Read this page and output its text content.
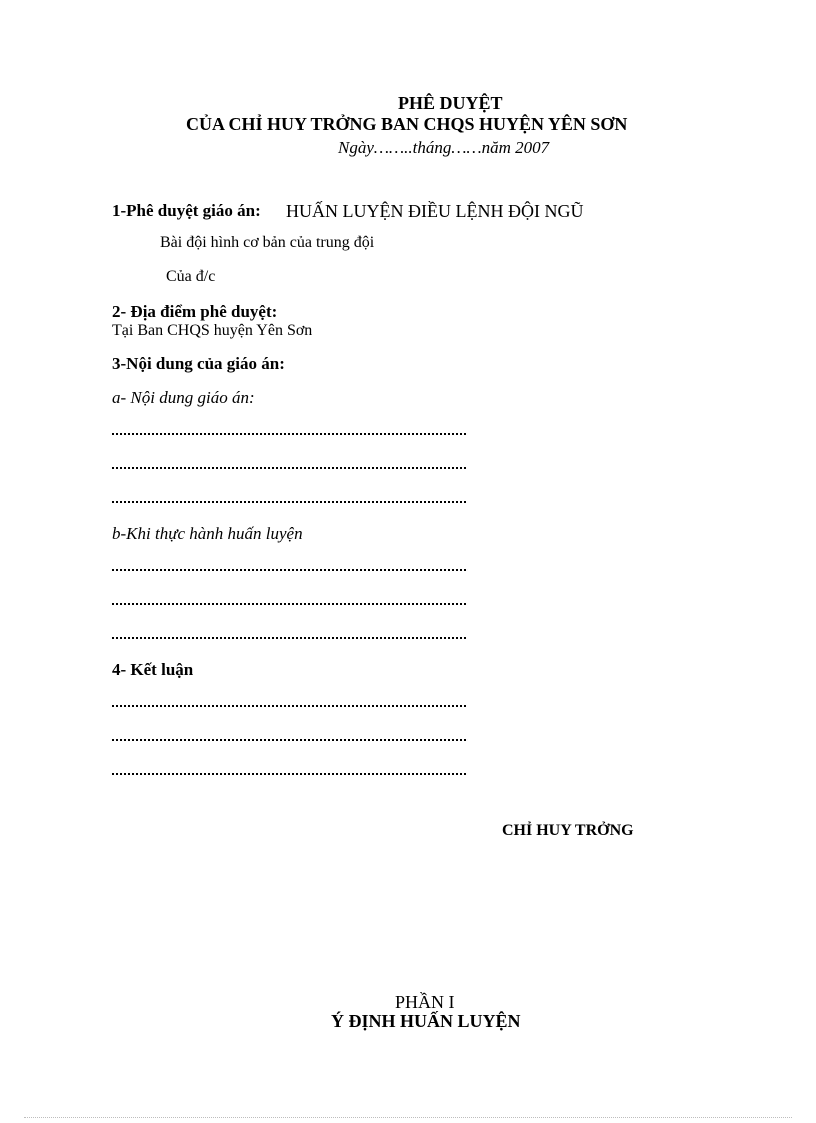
PHÊ DUYỆT
CỦA CHỈ HUY TRỞNG BAN CHQS HUYỆN YÊN SƠN
Ngày……..tháng……năm 2007
1-Phê duyệt giáo án: HUẤN LUYỆN ĐIỀU LỆNH ĐỘI NGŨ
Bài đội hình cơ bản của trung đội
Của đ/c
2- Địa điểm phê duyệt:
Tại Ban CHQS huyện Yên Sơn
3-Nội dung của giáo án:
a- Nội dung giáo án:
b-Khi thực hành huấn luyện
4- Kết luận
CHỈ HUY TRỞNG
PHẦN I
Ý ĐỊNH HUẤN LUYỆN
